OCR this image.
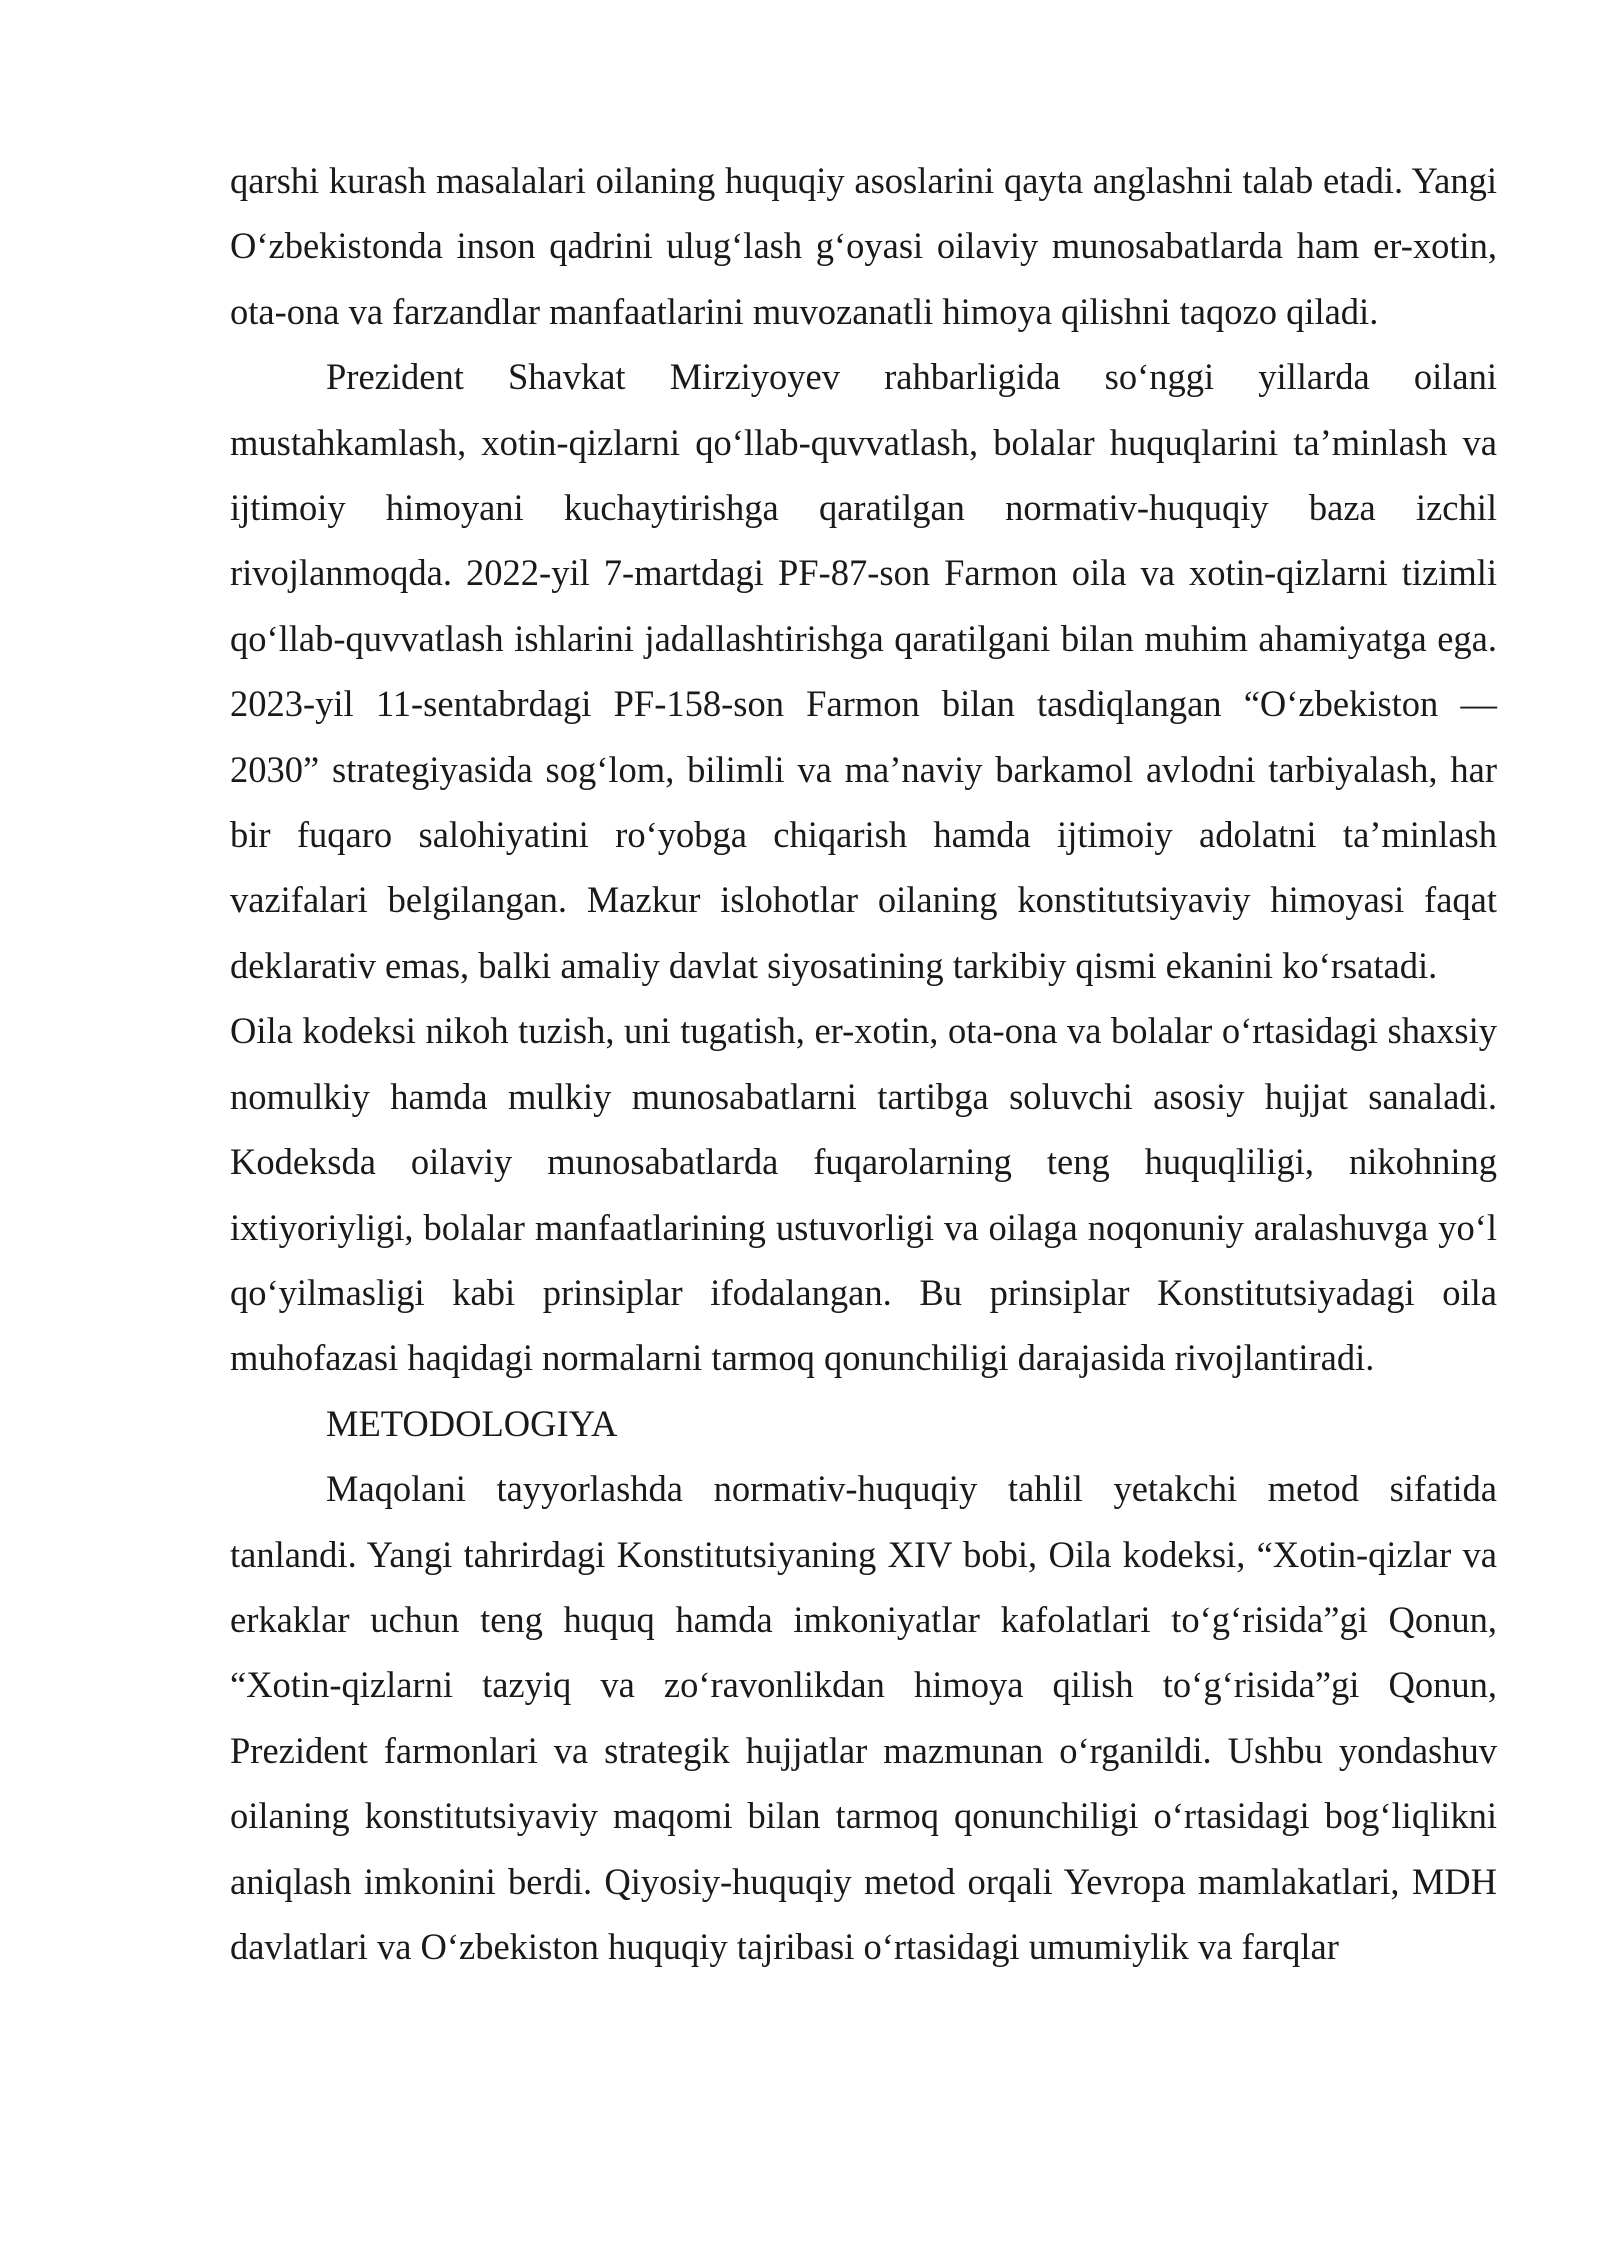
qarshi kurash masalalari oilaning huquqiy asoslarini qayta anglashni talab etadi. Yangi O‘zbekistonda inson qadrini ulug‘lash g‘oyasi oilaviy munosabatlarda ham er-xotin, ota-ona va farzandlar manfaatlarini muvozanatli himoya qilishni taqozo qiladi.

Prezident Shavkat Mirziyoyev rahbarligida so‘nggi yillarda oilani mustahkamlash, xotin-qizlarni qo‘llab-quvvatlash, bolalar huquqlarini ta’minlash va ijtimoiy himoyani kuchaytirishga qaratilgan normativ-huquqiy baza izchil rivojlanmoqda. 2022-yil 7-martdagi PF-87-son Farmon oila va xotin-qizlarni tizimli qo‘llab-quvvatlash ishlarini jadallashtirishga qaratilgani bilan muhim ahamiyatga ega. 2023-yil 11-sentabrdagi PF-158-son Farmon bilan tasdiqlangan “O‘zbekiston — 2030” strategiyasida sog‘lom, bilimli va ma’naviy barkamol avlodni tarbiyalash, har bir fuqaro salohiyatini ro‘yobga chiqarish hamda ijtimoiy adolatni ta’minlash vazifalari belgilangan. Mazkur islohotlar oilaning konstitutsiyaviy himoyasi faqat deklarativ emas, balki amaliy davlat siyosatining tarkibiy qismi ekanini ko‘rsatadi.

Oila kodeksi nikoh tuzish, uni tugatish, er-xotin, ota-ona va bolalar o‘rtasidagi shaxsiy nomulkiy hamda mulkiy munosabatlarni tartibga soluvchi asosiy hujjat sanaladi. Kodeksda oilaviy munosabatlarda fuqarolarning teng huquqliligi, nikohning ixtiyoriyligi, bolalar manfaatlarining ustuvorligi va oilaga noqonuniy aralashuvga yo‘l qo‘yilmasligi kabi prinsiplar ifodalangan. Bu prinsiplar Konstitutsiyadagi oila muhofazasi haqidagi normalarni tarmoq qonunchiligi darajasida rivojlantiradi.

METODOLOGIYA

Maqolani tayyorlashda normativ-huquqiy tahlil yetakchi metod sifatida tanlandi. Yangi tahrirdagi Konstitutsiyaning XIV bobi, Oila kodeksi, “Xotin-qizlar va erkaklar uchun teng huquq hamda imkoniyatlar kafolatlari to‘g‘risida”gi Qonun, “Xotin-qizlarni tazyiq va zo‘ravonlikdan himoya qilish to‘g‘risida”gi Qonun, Prezident farmonlari va strategik hujjatlar mazmunan o‘rganildi. Ushbu yondashuv oilaning konstitutsiyaviy maqomi bilan tarmoq qonunchiligi o‘rtasidagi bog‘liqlikni aniqlash imkonini berdi. Qiyosiy-huquqiy metod orqali Yevropa mamlakatlari, MDH davlatlari va O‘zbekiston huquqiy tajribasi o‘rtasidagi umumiylik va farqlar
